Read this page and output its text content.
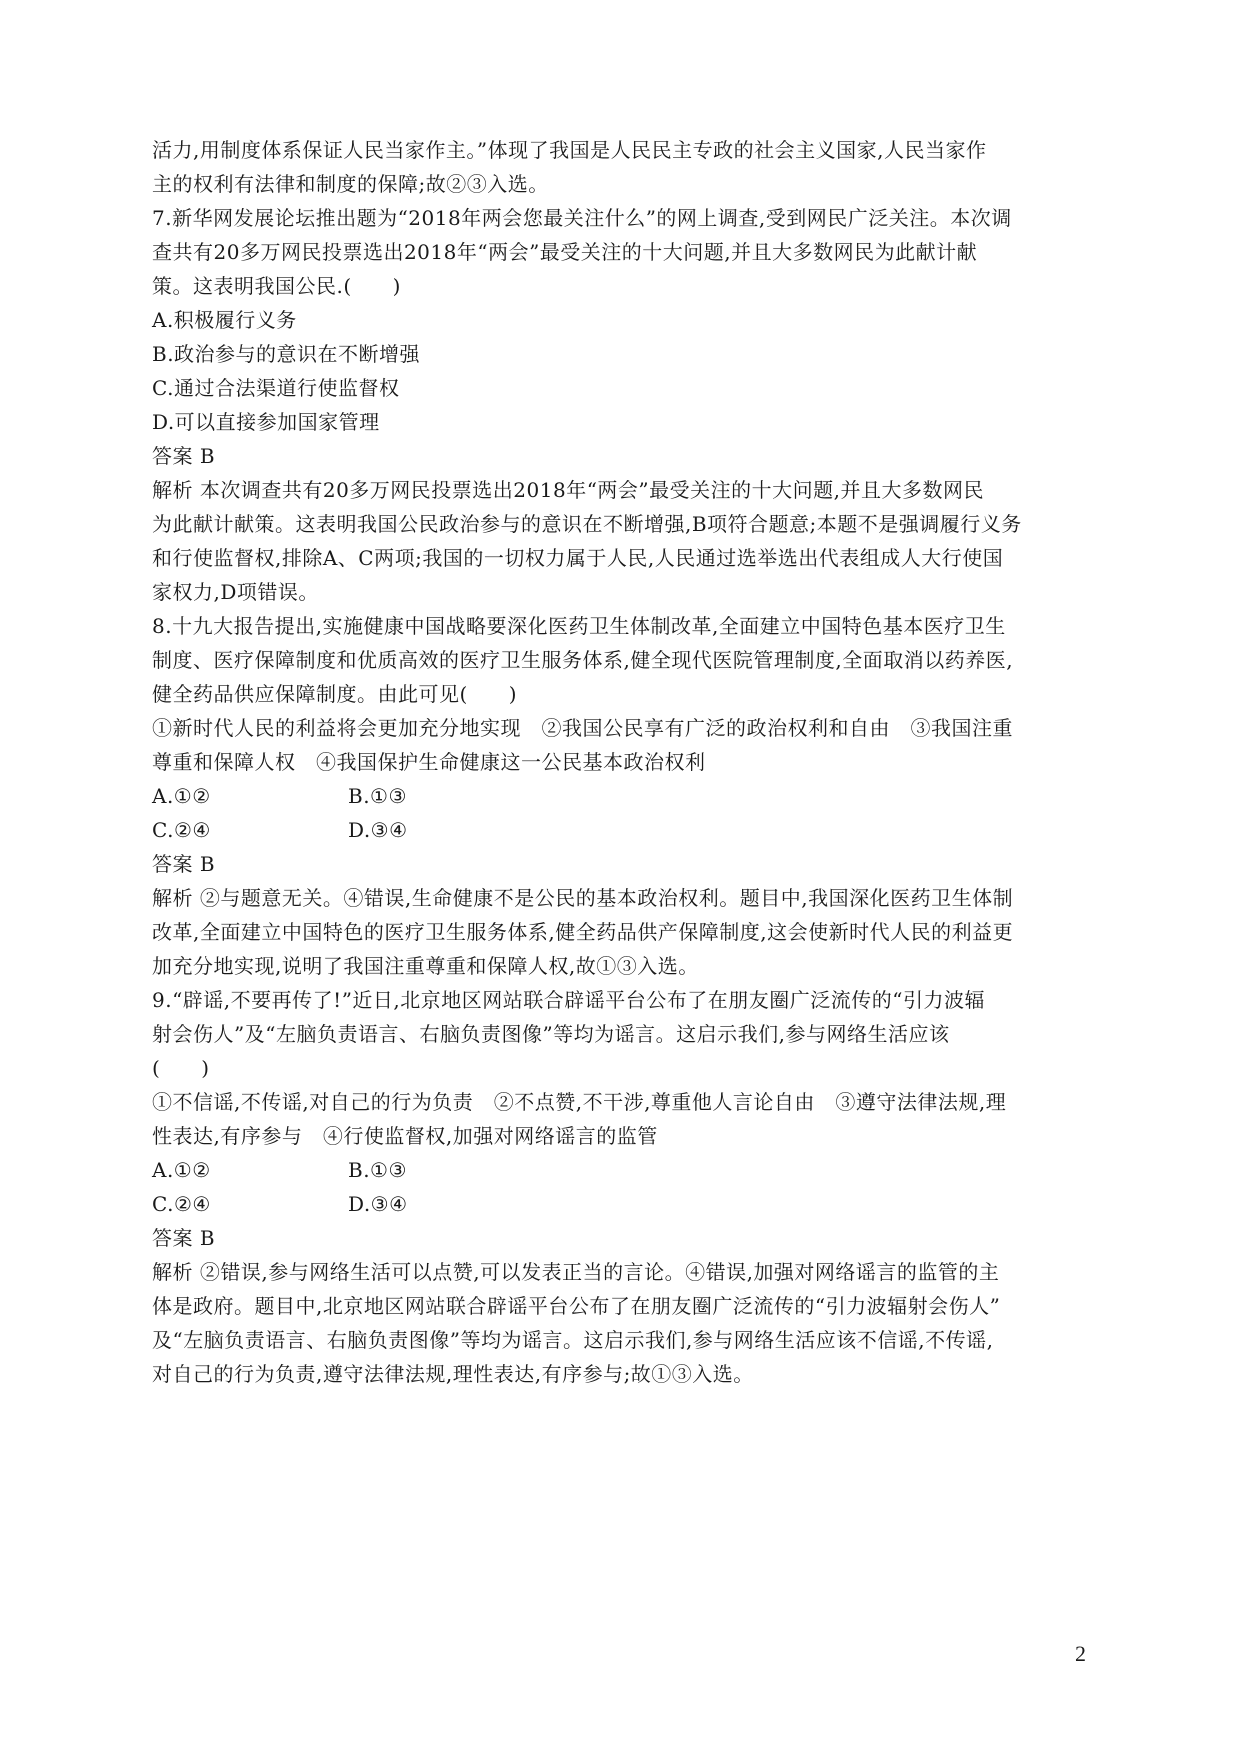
活力,用制度体系保证人民当家作主。”体现了我国是人民民主专政的社会主义国家,人民当家作
主的权利有法律和制度的保障;故②③入选。
7.新华网发展论坛推出题为“2018年两会您最关注什么”的网上调查,受到网民广泛关注。本次调
查共有20多万网民投票选出2018年“两会”最受关注的十大问题,并且大多数网民为此献计献
策。这表明我国公民.(　　)
A.积极履行义务
B.政治参与的意识在不断增强
C.通过合法渠道行使监督权
D.可以直接参加国家管理
答案 B
解析 本次调查共有20多万网民投票选出2018年“两会”最受关注的十大问题,并且大多数网民
为此献计献策。这表明我国公民政治参与的意识在不断增强,B项符合题意;本题不是强调履行义务
和行使监督权,排除A、C两项;我国的一切权力属于人民,人民通过选举选出代表组成人大行使国
家权力,D项错误。
8.十九大报告提出,实施健康中国战略要深化医药卫生体制改革,全面建立中国特色基本医疗卫生
制度、医疗保障制度和优质高效的医疗卫生服务体系,健全现代医院管理制度,全面取消以药养医,
健全药品供应保障制度。由此可见(　　)
①新时代人民的利益将会更加充分地实现　②我国公民享有广泛的政治权利和自由　③我国注重
尊重和保障人权　④我国保护生命健康这一公民基本政治权利
A.①②	B.①③
C.②④	D.③④
答案 B
解析 ②与题意无关。④错误,生命健康不是公民的基本政治权利。题目中,我国深化医药卫生体制
改革,全面建立中国特色的医疗卫生服务体系,健全药品供产保障制度,这会使新时代人民的利益更
加充分地实现,说明了我国注重尊重和保障人权,故①③入选。
9.“辟谣,不要再传了!”近日,北京地区网站联合辟谣平台公布了在朋友圈广泛流传的“引力波辐
射会伤人”及“左脑负责语言、右脑负责图像”等均为谣言。这启示我们,参与网络生活应该
(　　)
①不信谣,不传谣,对自己的行为负责　②不点赞,不干涉,尊重他人言论自由　③遵守法律法规,理
性表达,有序参与　④行使监督权,加强对网络谣言的监管
A.①②	B.①③
C.②④	D.③④
答案 B
解析 ②错误,参与网络生活可以点赞,可以发表正当的言论。④错误,加强对网络谣言的监管的主
体是政府。题目中,北京地区网站联合辟谣平台公布了在朋友圈广泛流传的“引力波辐射会伤人”
及“左脑负责语言、右脑负责图像”等均为谣言。这启示我们,参与网络生活应该不信谣,不传谣,
对自己的行为负责,遵守法律法规,理性表达,有序参与;故①③入选。
2
